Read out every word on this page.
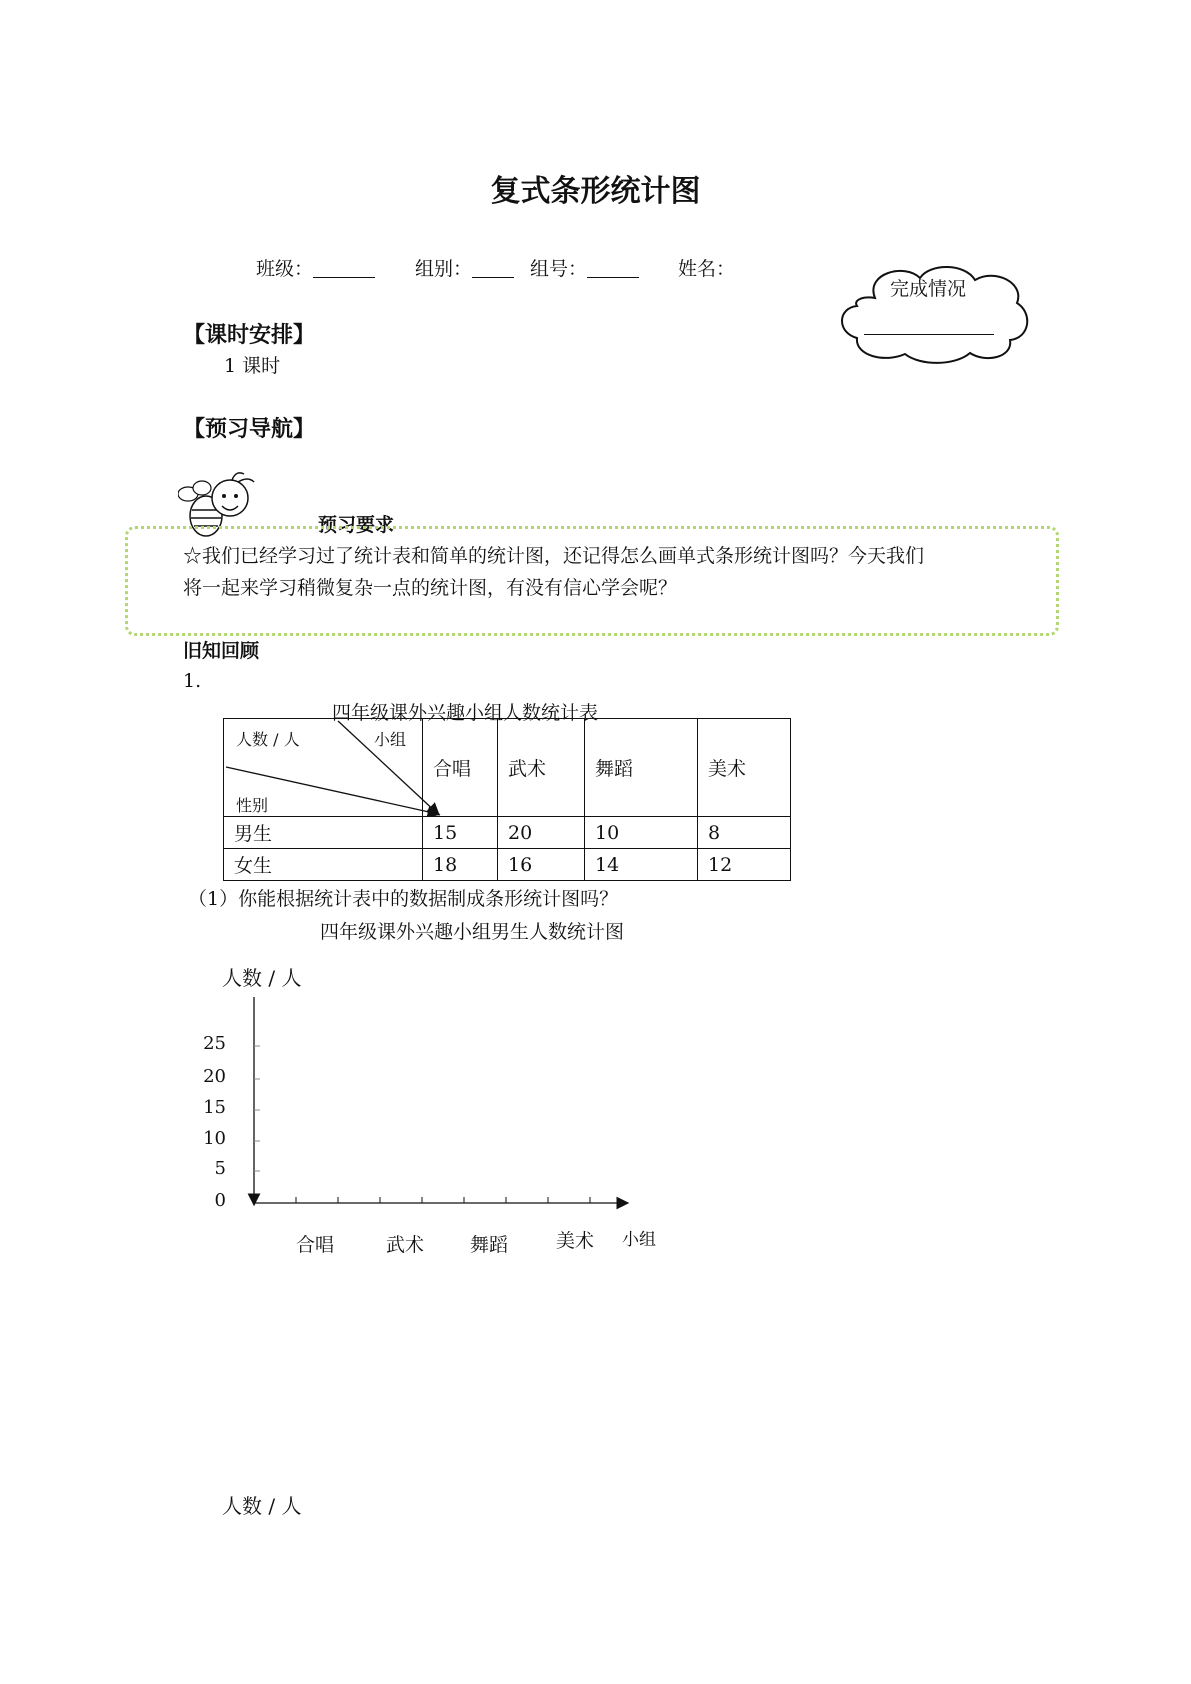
复式条形统计图
班级：	组别：	组号：	姓名：
完成情况
【课时安排】
1 课时
【预习导航】
预习要求
☆我们已经学习过了统计表和简单的统计图，还记得怎么画单式条形统计图吗？今天我们
将一起来学习稍微复杂一点的统计图，有没有信心学会呢？
旧知回顾
1.
四年级课外兴趣小组人数统计表
人数 / 人 小组
性别	合唱	武术	舞蹈	美术
男生	15	20	10	8
女生	18	16	14	12
（1）你能根据统计表中的数据制成条形统计图吗？
四年级课外兴趣小组男生人数统计图
人数 / 人
0
5
10
15
20
25
合唱	武术 舞蹈	美术 小组
人数 / 人
